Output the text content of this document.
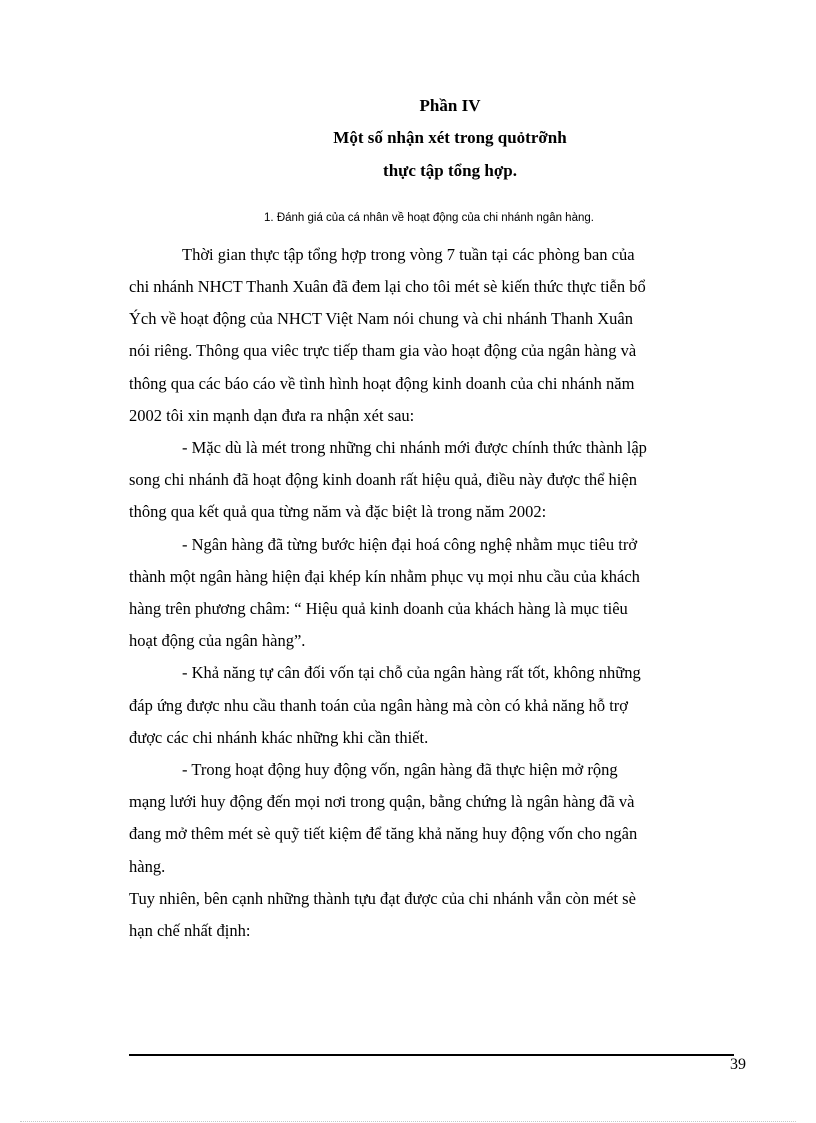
Phần IV
Một số nhận xét trong quỏtrỡnh
thực tập tổng hợp.
1. Đánh giá của cá nhân về hoạt động của chi nhánh ngân hàng.
Thời gian thực tập tổng hợp trong vòng 7 tuần tại các phòng ban của
chi nhánh NHCT Thanh Xuân đã đem lại cho tôi mét sè kiến thức thực tiễn bổ
Ých về hoạt động của NHCT Việt Nam nói chung và chi nhánh Thanh Xuân
nói riêng. Thông qua viêc trực tiếp tham gia vào hoạt động của ngân hàng và
thông qua các báo cáo về tình hình hoạt động kinh doanh của chi nhánh năm
2002 tôi xin mạnh dạn đưa ra nhận xét sau:
- Mặc dù là mét trong những chi nhánh mới được chính thức thành lập
song chi nhánh đã hoạt động kinh doanh rất hiệu quả, điều này được thể hiện
thông qua kết quả qua từng năm và đặc biệt là trong năm 2002:
- Ngân hàng đã từng bước hiện đại hoá công nghệ nhằm mục tiêu trở
thành một ngân hàng hiện đại khép kín nhằm phục vụ mọi nhu cầu của khách
hàng trên phương châm: “ Hiệu quả kinh doanh của khách hàng là mục tiêu
hoạt động của ngân hàng”.
- Khả năng tự cân đối vốn tại chỗ của ngân hàng rất tốt, không những
đáp ứng được nhu cầu thanh toán của ngân hàng mà còn có khả năng hỗ trợ
được các chi nhánh khác những khi cần thiết.
- Trong hoạt động huy động vốn, ngân hàng đã thực hiện mở rộng
mạng lưới huy động đến mọi nơi trong quận, bằng chứng là ngân hàng đã và
đang mở thêm mét sè quỹ tiết kiệm để tăng khả năng huy động vốn cho ngân
hàng.
Tuy nhiên, bên cạnh những thành tựu đạt được của chi nhánh vẫn còn mét sè
hạn chế nhất định:
39
